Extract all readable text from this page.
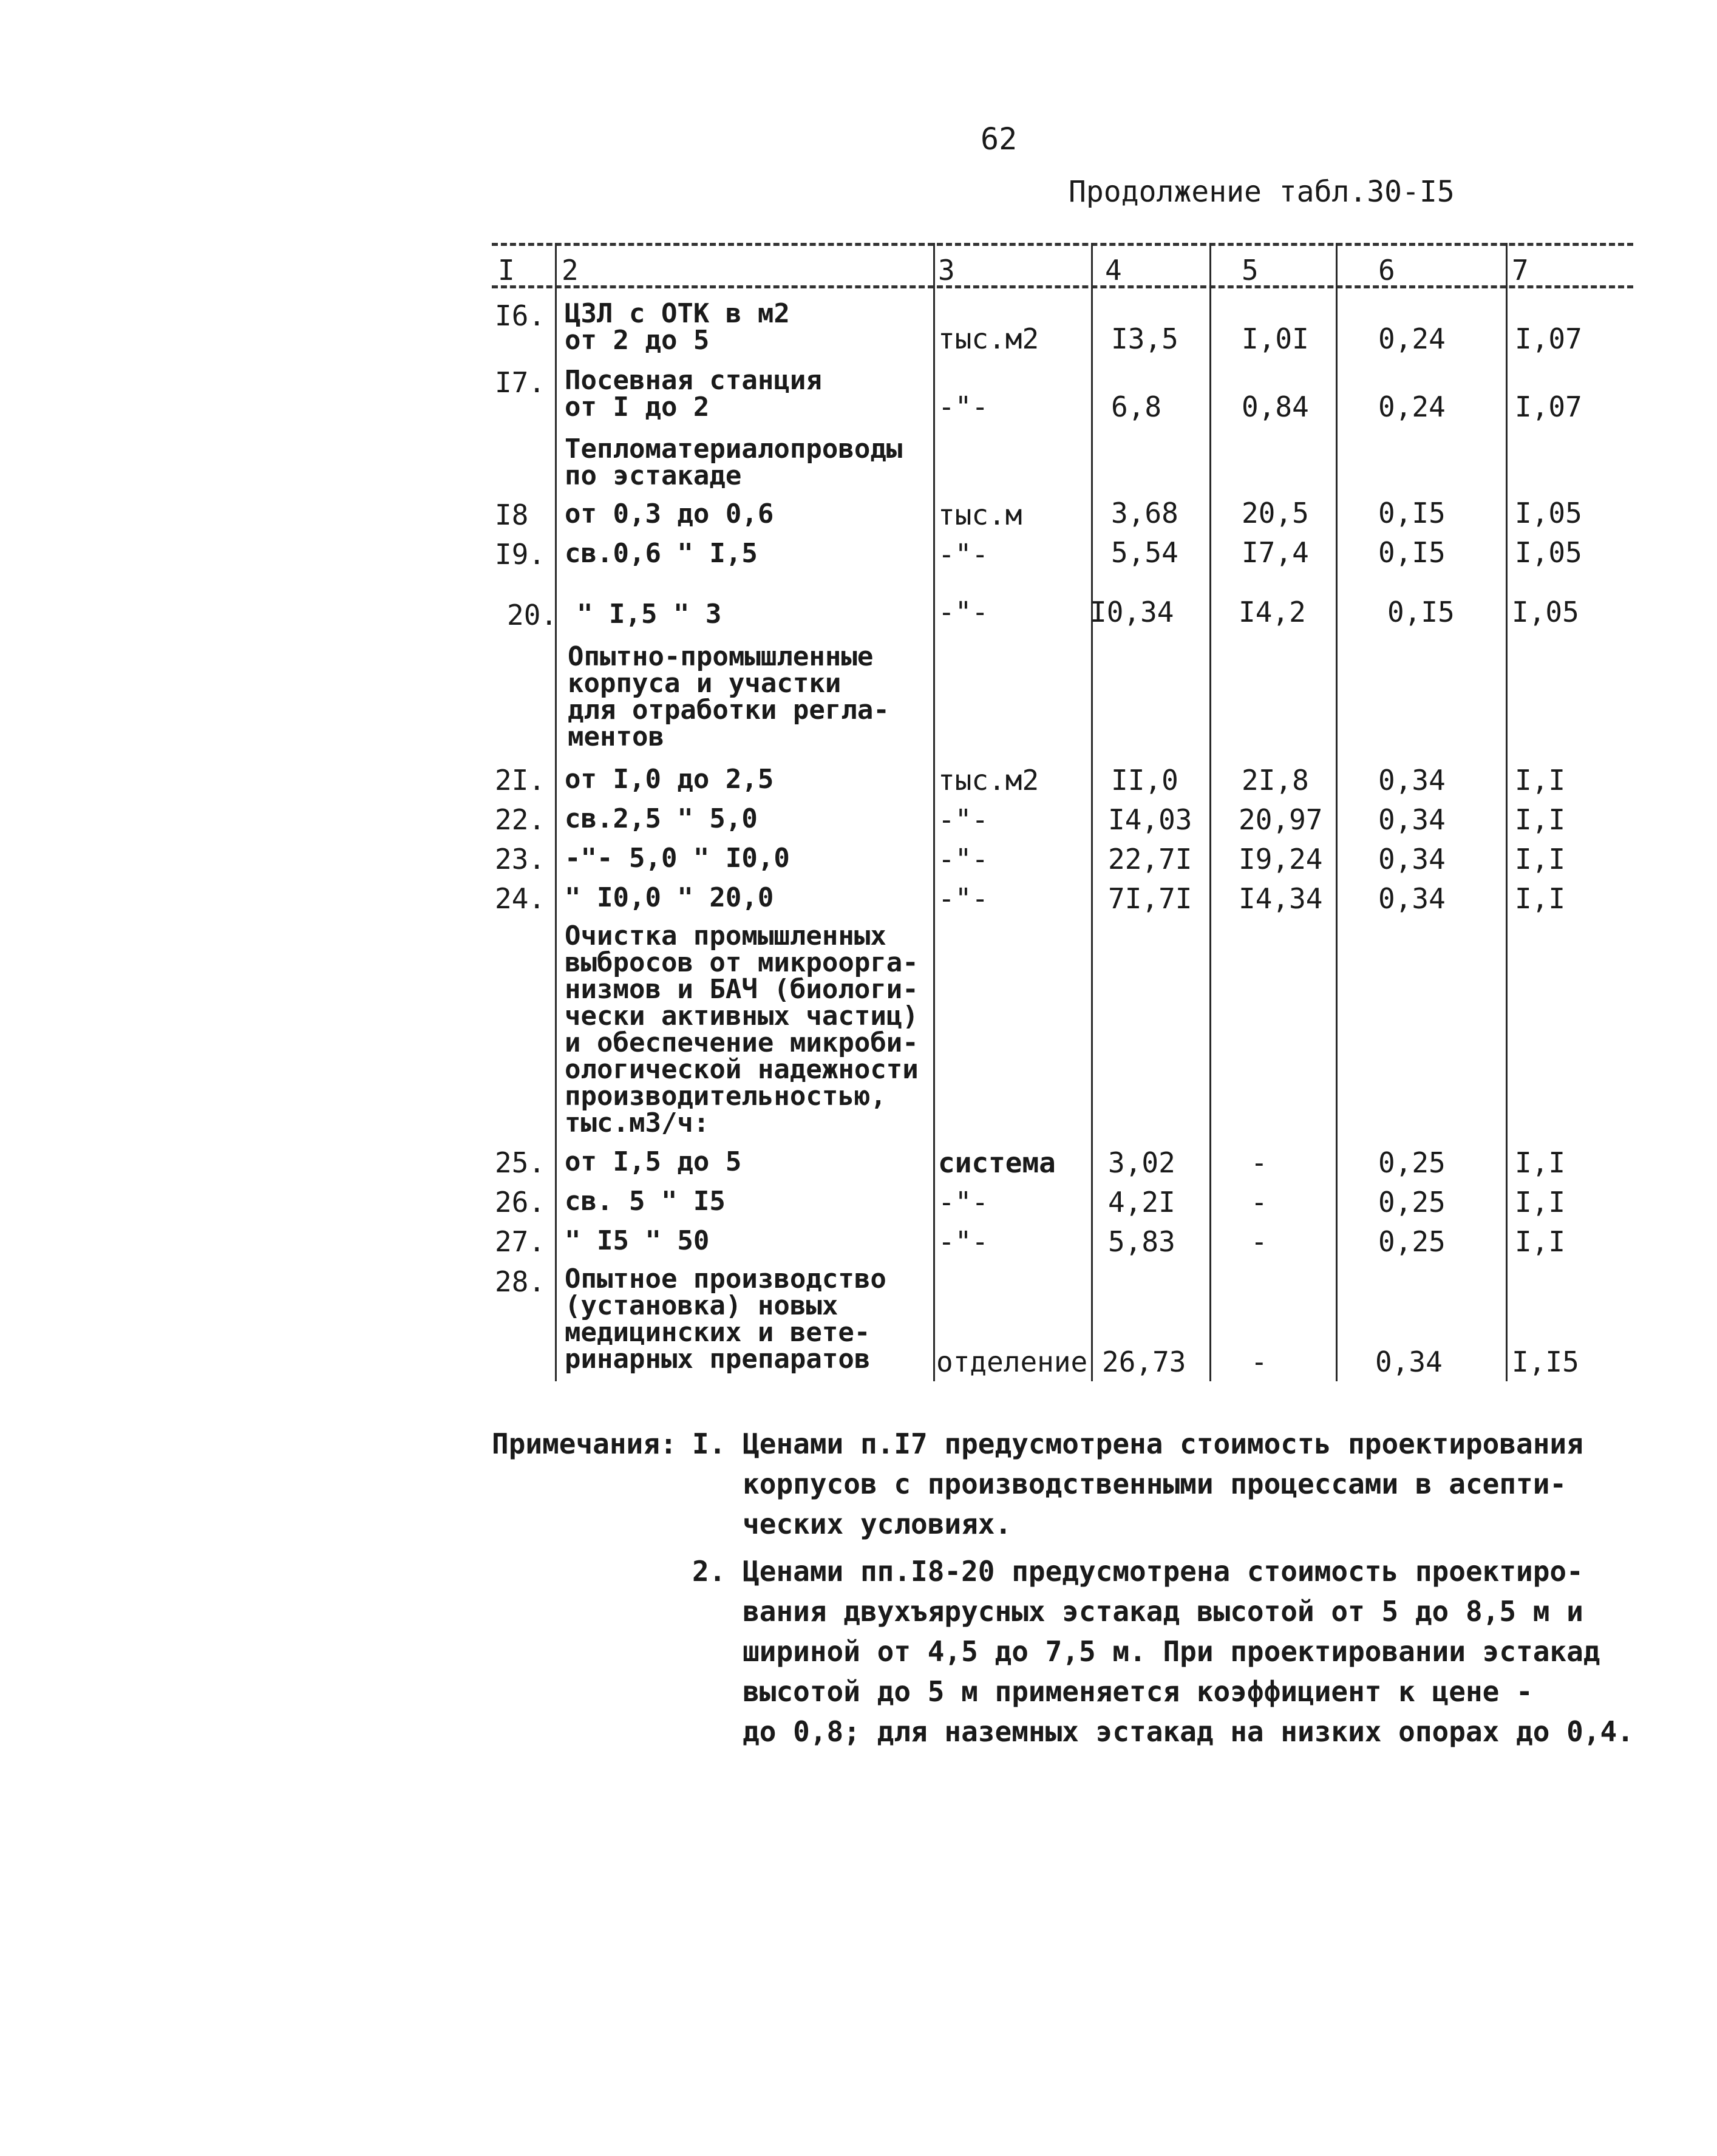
62
Продолжение табл.30-I5
I 2	3	4	5	6	7
I6. ЦЗЛ с ОТК в м2
от 2 до 5	тыс.м2	I3,5 I,0I 0,24 I,07
I7. Посевная станция
от I до 2	-"-	6,8	0,84 0,24 I,07
Тепломатериалопроводы
по эстакаде
I8 от 0,3 до 0,6	тыс.м	3,68 20,5 0,I5 I,05
I9. св.0,6 " I,5	-"-	5,54 I7,4 0,I5 I,05
20. " I,5 " 3	-"-	I0,34 I4,2	0,I5 I,05
Опытно-промышленные
корпуса и участки
для отработки регла-
ментов
2I. от I,0 до 2,5	тыс.м2	II,0 2I,8 0,34 I,I
22. св.2,5 " 5,0	-"-	I4,03 20,97 0,34 I,I
23. -"- 5,0 " I0,0	-"-	22,7I I9,24 0,34 I,I
24. " I0,0 " 20,0	-"-	7I,7I I4,34 0,34 I,I
Очистка промышленных
выбросов от микроорга-
низмов и БАЧ (биологи-
чески активных частиц)
и обеспечение микроби-
ологической надежности
производительностью,
тыс.м3/ч:
25. от I,5 до 5	система 3,02	-	0,25 I,I
26. св. 5 " I5	-"-	4,2I	-	0,25 I,I
27. " I5 " 50	-"-	5,83	-	0,25 I,I
28. Опытное производство
(установка) новых
медицинских и вете-
ринарных препаратов	отделение 26,73 -	0,34 I,I5
Примечания: I. Ценами п.I7 предусмотрена стоимость проектирования
корпусов с производственными процессами в асепти-
ческих условиях.
2. Ценами пп.I8-20 предусмотрена стоимость проектиро-
вания двухъярусных эстакад высотой от 5 до 8,5 м и
шириной от 4,5 до 7,5 м. При проектировании эстакад
высотой до 5 м применяется коэффициент к цене -
до 0,8; для наземных эстакад на низких опорах до 0,4.
